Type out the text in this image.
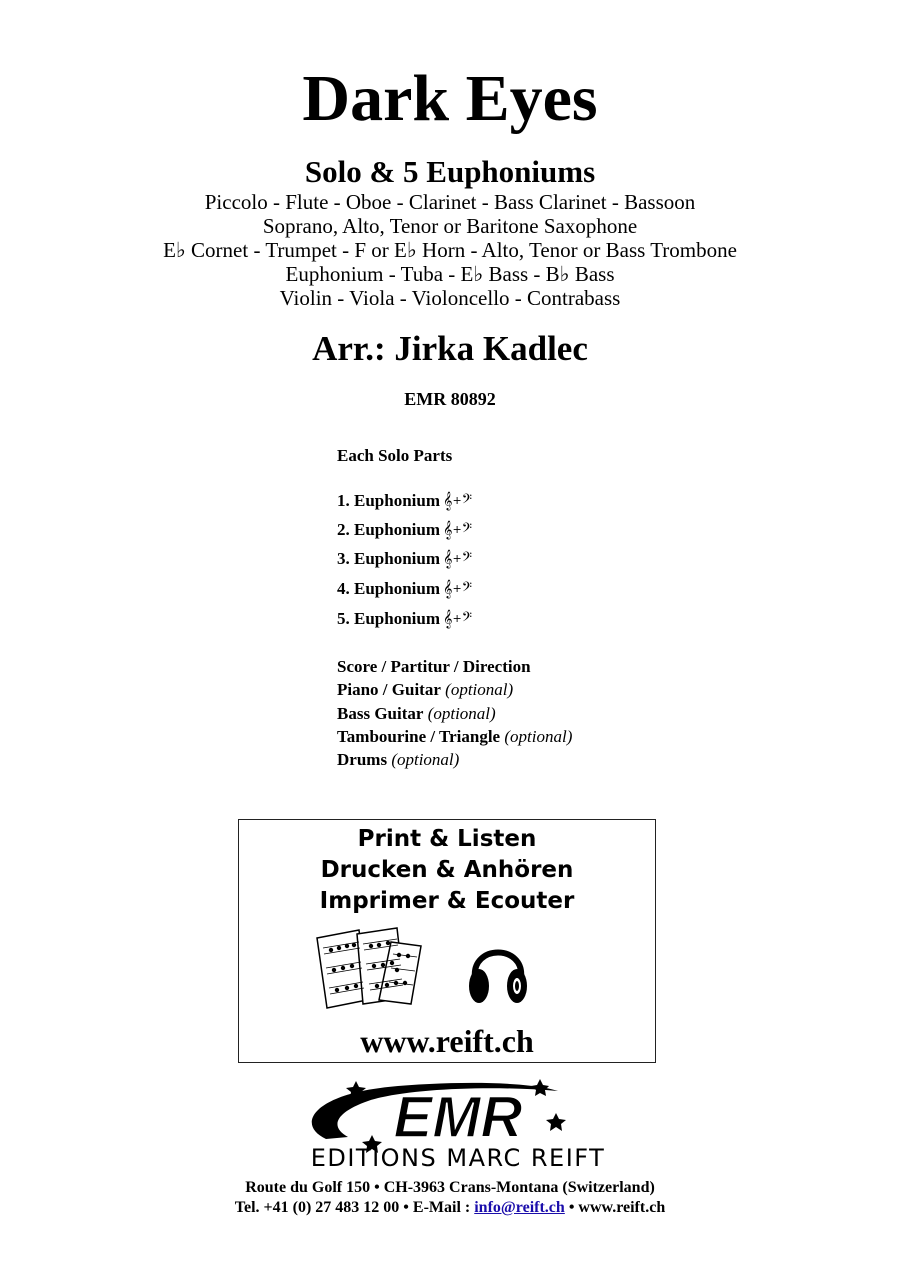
Dark Eyes
Solo & 5 Euphoniums
Piccolo - Flute - Oboe - Clarinet - Bass Clarinet - Bassoon
Soprano, Alto, Tenor or Baritone Saxophone
E♭ Cornet - Trumpet - F or E♭ Horn - Alto, Tenor or Bass Trombone
Euphonium - Tuba - E♭ Bass - B♭ Bass
Violin - Viola - Violoncello - Contrabass
Arr.: Jirka Kadlec
EMR 80892
Each Solo Parts
1. Euphonium 𝄞+𝄢
2. Euphonium 𝄞+𝄢
3. Euphonium 𝄞+𝄢
4. Euphonium 𝄞+𝄢
5. Euphonium 𝄞+𝄢
Score / Partitur / Direction
Piano / Guitar (optional)
Bass Guitar (optional)
Tambourine / Triangle (optional)
Drums (optional)
Print & Listen
Drucken & Anhören
Imprimer & Ecouter
www.reift.ch
EMR
EDITIONS MARC REIFT
Route du Golf 150 • CH-3963 Crans-Montana (Switzerland)
Tel. +41 (0) 27 483 12 00 • E-Mail : info@reift.ch • www.reift.ch
